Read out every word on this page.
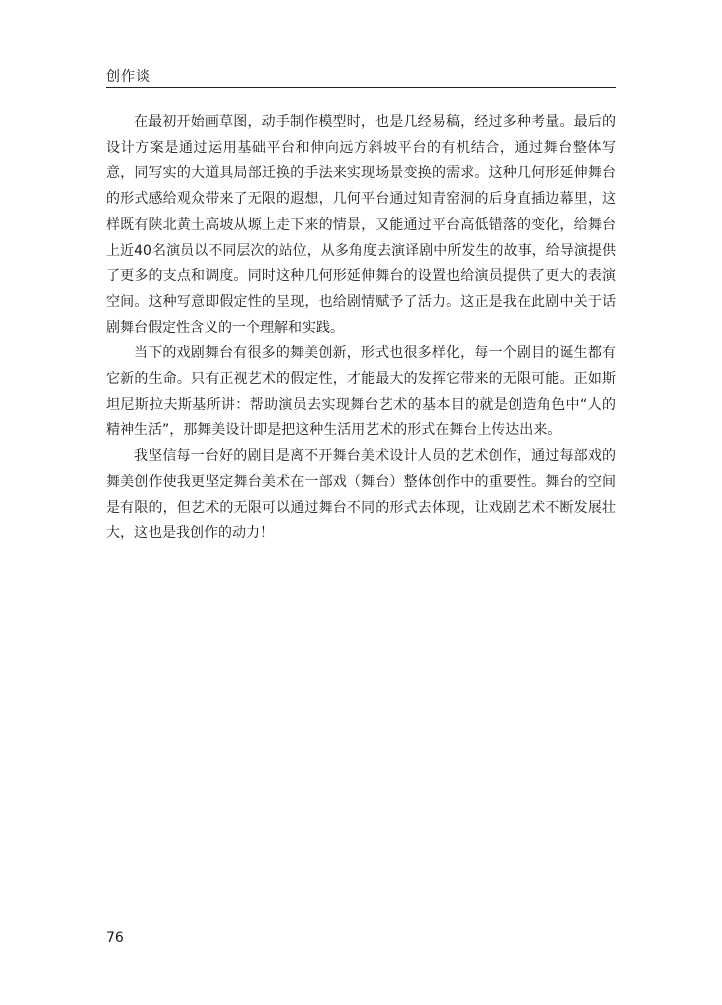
创作谈

在最初开始画草图，动手制作模型时，也是几经易稿，经过多种考量。最后的设计方案是通过运用基础平台和伸向远方斜坡平台的有机结合，通过舞台整体写意，同写实的大道具局部迁换的手法来实现场景变换的需求。这种几何形延伸舞台的形式感给观众带来了无限的遐想，几何平台通过知青窑洞的后身直插边幕里，这样既有陕北黄土高坡从塬上走下来的情景，又能通过平台高低错落的变化，给舞台上近40名演员以不同层次的站位，从多角度去演译剧中所发生的故事，给导演提供了更多的支点和调度。同时这种几何形延伸舞台的设置也给演员提供了更大的表演空间。这种写意即假定性的呈现，也给剧情赋予了活力。这正是我在此剧中关于话剧舞台假定性含义的一个理解和实践。

当下的戏剧舞台有很多的舞美创新，形式也很多样化，每一个剧目的诞生都有它新的生命。只有正视艺术的假定性，才能最大的发挥它带来的无限可能。正如斯坦尼斯拉夫斯基所讲：帮助演员去实现舞台艺术的基本目的就是创造角色中“人的精神生活”，那舞美设计即是把这种生活用艺术的形式在舞台上传达出来。

我坚信每一台好的剧目是离不开舞台美术设计人员的艺术创作，通过每部戏的舞美创作使我更坚定舞台美术在一部戏（舞台）整体创作中的重要性。舞台的空间是有限的，但艺术的无限可以通过舞台不同的形式去体现，让戏剧艺术不断发展壮大，这也是我创作的动力！

76
